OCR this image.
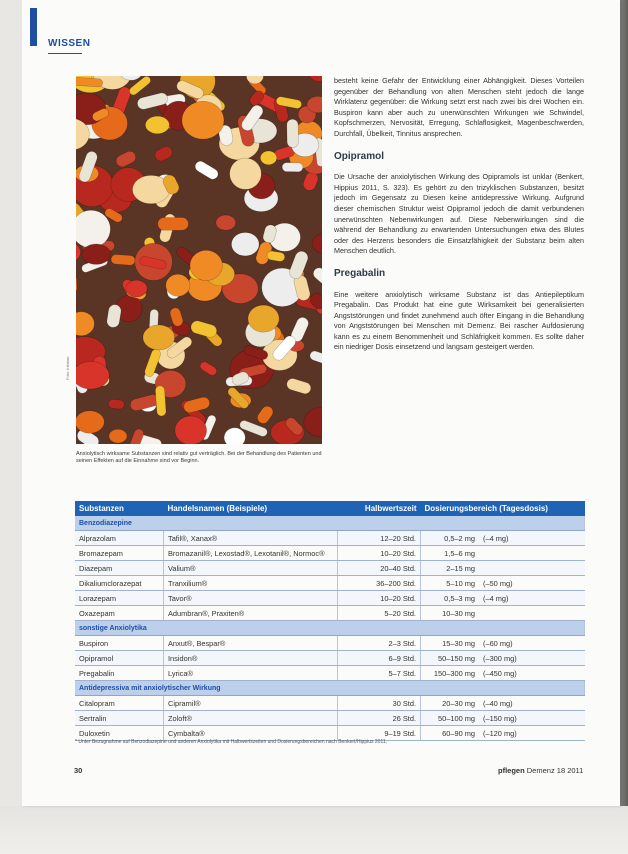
WISSEN
Foto: Infokau
Anxiolytisch wirksame Substanzen sind relativ gut verträglich. Bei der Behandlung des Patienten und seinen Effekten auf die Einnahme sind vor Beginn.

besteht keine Gefahr der Entwicklung einer Abhängigkeit. Dieses Vorteilen gegenüber der Behandlung von alten Menschen steht jedoch die lange Wirklatenz gegenüber: die Wirkung setzt erst nach zwei bis drei Wochen ein. Buspiron kann aber auch zu unerwünschten Wirkungen wie Schwindel, Kopfschmerzen, Nervosität, Erregung, Schlaflosigkeit, Magenbeschwerden, Durchfall, Übelkeit, Tinnitus ansprechen.

Opipramol

Die Ursache der anxiolytischen Wirkung des Opipramols ist unklar (Benkert, Hippius 2011, S. 323). Es gehört zu den trizyklischen Substanzen, besitzt jedoch im Gegensatz zu Diesen keine antidepressive Wirkung. Aufgrund dieser chemischen Struktur weist Opipramol jedoch die damit verbundenen unerwünschten Nebenwirkungen auf. Diese Nebenwirkungen sind die während der Behandlung zu erwartenden Untersuchungen etwa des Blutes oder des Herzens besonders die Einsatzfähigkeit der Substanz beim alten Menschen deutlich.

Pregabalin

Eine weitere anxiolytisch wirksame Substanz ist das Antiepileptikum Pregabalin. Das Produkt hat eine gute Wirksamkeit bei generalisierten Angststörungen und findet zunehmend auch öfter Eingang in die Behandlung von Angststörungen bei Menschen mit Demenz. Bei rascher Aufdosierung kann es zu einem Benommenheit und Schläfrigkeit kommen. Es sollte daher ein niedriger Dosis einsetzend und langsam gesteigert werden.

Substanzen	Handelsnamen (Beispiele)	Halbwertszeit	Dosierungsbereich (Tagesdosis)	
Benzodiazepine				
Alprazolam	Tafil®, Xanax®	12–20 Std.	0,5–2 mg	(–4 mg)
Bromazepam	Bromazanil®, Lexostad®, Lexotanil®, Normoc®	10–20 Std.	1,5–6 mg	
Diazepam	Valium®	20–40 Std.	2–15 mg	
Dikaliumclorazepat	Tranxilium®	36–200 Std.	5–10 mg	(–50 mg)
Lorazepam	Tavor®	10–20 Std.	0,5–3 mg	(–4 mg)
Oxazepam	Adumbran®, Praxiten®	5–20 Std.	10–30 mg	
sonstige Anxiolytika				
Buspiron	Anxut®, Bespar®	2–3 Std.	15–30 mg	(–60 mg)
Opipramol	Insidon®	6–9 Std.	50–150 mg	(–300 mg)
Pregabalin	Lyrica®	5–7 Std.	150–300 mg	(–450 mg)
Antidepressiva mit anxiolytischer Wirkung				
Citalopram	Cipramil®	30 Std.	20–30 mg	(–40 mg)
Sertralin	Zoloft®	26 Std.	50–100 mg	(–150 mg)
Duloxetin	Cymbalta®	9–19 Std.	60–90 mg	(–120 mg)
* Unter Bezugnahme auf Benzodiazepine und anderen Anxiolytika mit Halbwertszeiten und Dosierungsbereichen nach Benkert/Hippius 2011.
30	pflegen Demenz 18 2011
